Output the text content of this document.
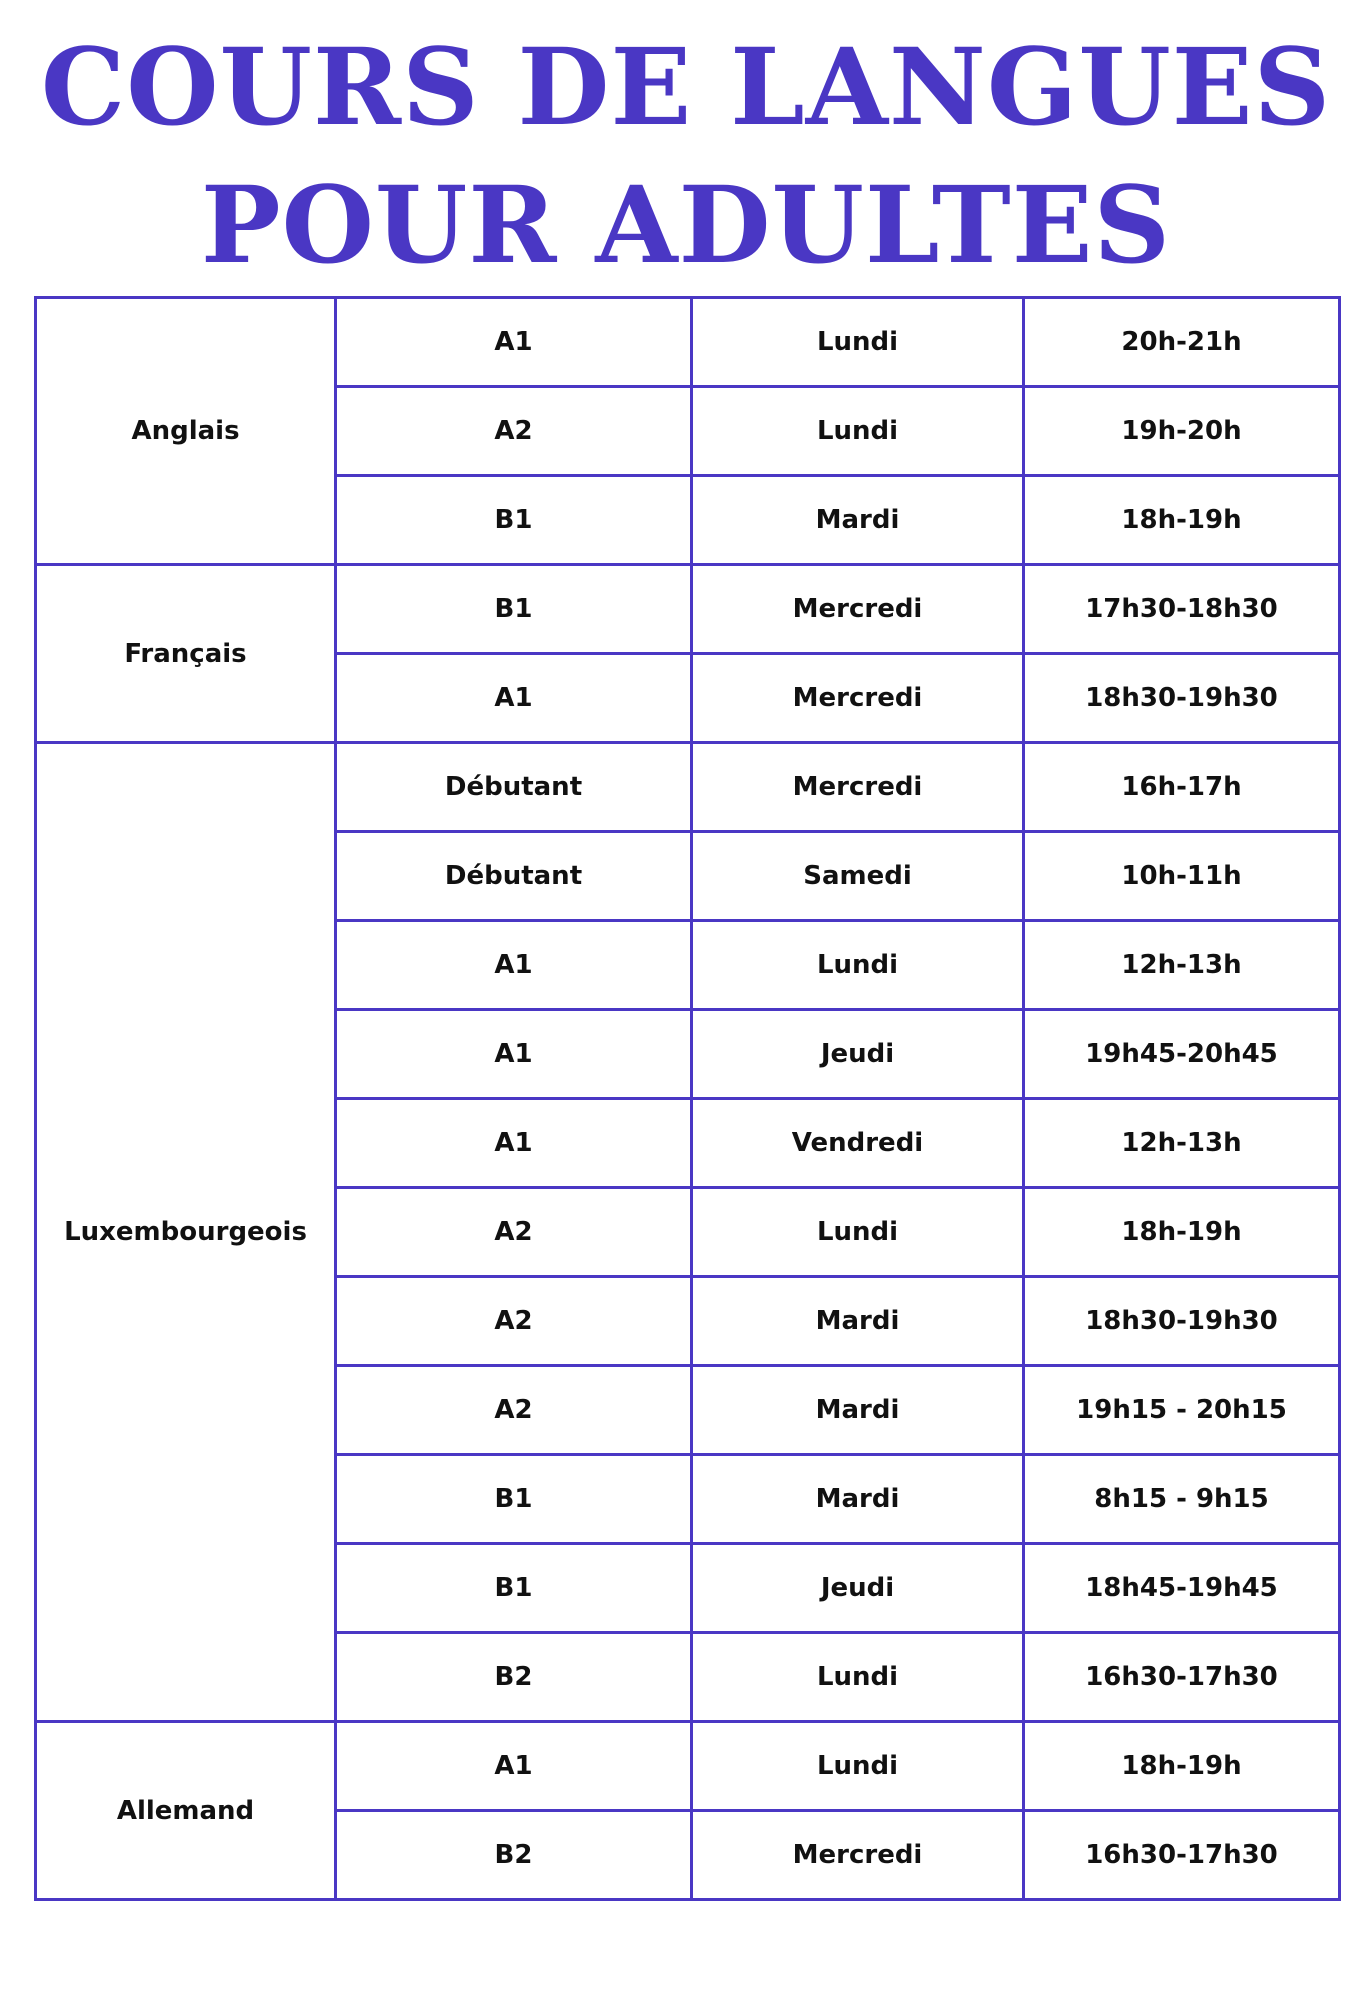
COURS DE LANGUES
POUR ADULTES
Anglais	A1	Lundi	20h-21h
	A2	Lundi	19h-20h
	B1	Mardi	18h-19h
Français	B1	Mercredi	17h30-18h30
	A1	Mercredi	18h30-19h30
Luxembourgeois	Débutant	Mercredi	16h-17h
	Débutant	Samedi	10h-11h
	A1	Lundi	12h-13h
	A1	Jeudi	19h45-20h45
	A1	Vendredi	12h-13h
	A2	Lundi	18h-19h
	A2	Mardi	18h30-19h30
	A2	Mardi	19h15 - 20h15
	B1	Mardi	8h15 - 9h15
	B1	Jeudi	18h45-19h45
	B2	Lundi	16h30-17h30
Allemand	A1	Lundi	18h-19h
	B2	Mercredi	16h30-17h30
